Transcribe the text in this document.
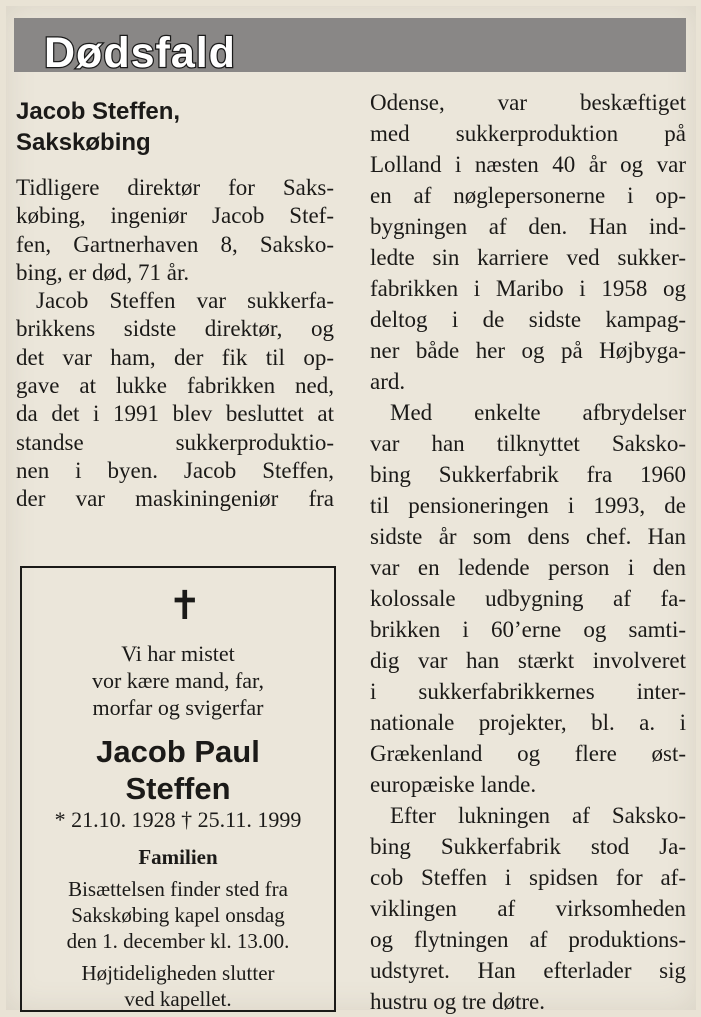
Dødsfald
Jacob Steffen,
Sakskøbing

Tidligere direktør for Saks-
købing, ingeniør Jacob Stef-
fen, Gartnerhaven 8, Saksko-
bing, er død, 71 år.

Jacob Steffen var sukkerfa-
brikkens sidste direktør, og
det var ham, der fik til op-
gave at lukke fabrikken ned,
da det i 1991 blev besluttet at
standse sukkerproduktio-
nen i byen. Jacob Steffen,
der var maskiningeniør fra

Odense, var beskæftiget
med sukkerproduktion på
Lolland i næsten 40 år og var
en af nøglepersonerne i op-
bygningen af den. Han ind-
ledte sin karriere ved sukker-
fabrikken i Maribo i 1958 og
deltog i de sidste kampag-
ner både her og på Højbyga-
ard.
Med enkelte afbrydelser
var han tilknyttet Saksko-
bing Sukkerfabrik fra 1960
til pensioneringen i 1993, de
sidste år som dens chef. Han
var en ledende person i den
kolossale udbygning af fa-
brikken i 60’erne og samti-
dig var han stærkt involveret
i sukkerfabrikkernes inter-
nationale projekter, bl. a. i
Grækenland og flere øst-
europæiske lande.
Efter lukningen af Saksko-
bing Sukkerfabrik stod Ja-
cob Steffen i spidsen for af-
viklingen af virksomheden
og flytningen af produktions-
udstyret. Han efterlader sig
hustru og tre døtre.
✝
Vi har mistet
vor kære mand, far,
morfar og svigerfar
Jacob Paul
Steffen
* 21.10. 1928 † 25.11. 1999
Familien
Bisættelsen finder sted fra
Sakskøbing kapel onsdag
den 1. december kl. 13.00.
Højtideligheden slutter
ved kapellet.
